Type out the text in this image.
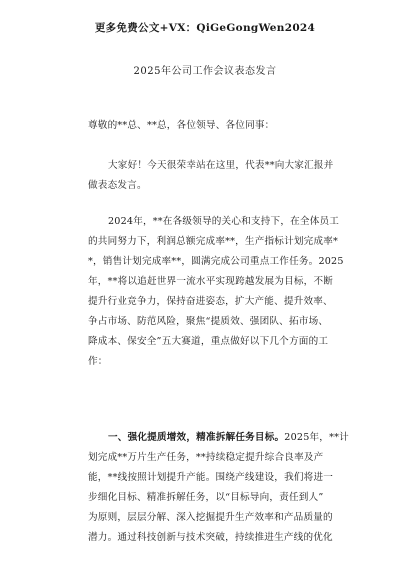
更多免费公文+VX：QiGeGongWen2024
2025年公司工作会议表态发言
尊敬的**总、**总，各位领导、各位同事：
大家好！今天很荣幸站在这里，代表**向大家汇报并
做表态发言。
2024年，**在各级领导的关心和支持下，在全体员工
的共同努力下，利润总额完成率**，生产指标计划完成率*
*，销售计划完成率**，圆满完成公司重点工作任务。2025
年，**将以追赶世界一流水平实现跨越发展为目标，不断
提升行业竞争力，保持奋进姿态，扩大产能、提升效率、
争占市场、防范风险，聚焦“提质效、强团队、拓市场、
降成本、保安全”五大赛道，重点做好以下几个方面的工
作：
一、强化提质增效，精准拆解任务目标。2025年，**计
划完成**万片生产任务，**持续稳定提升综合良率及产
能，**线按照计划提升产能。围绕产线建设，我们将进一
步细化目标、精准拆解任务，以“目标导向，责任到人”
为原则，层层分解、深入挖掘提升生产效率和产品质量的
潜力。通过科技创新与技术突破，持续推进生产线的优化
